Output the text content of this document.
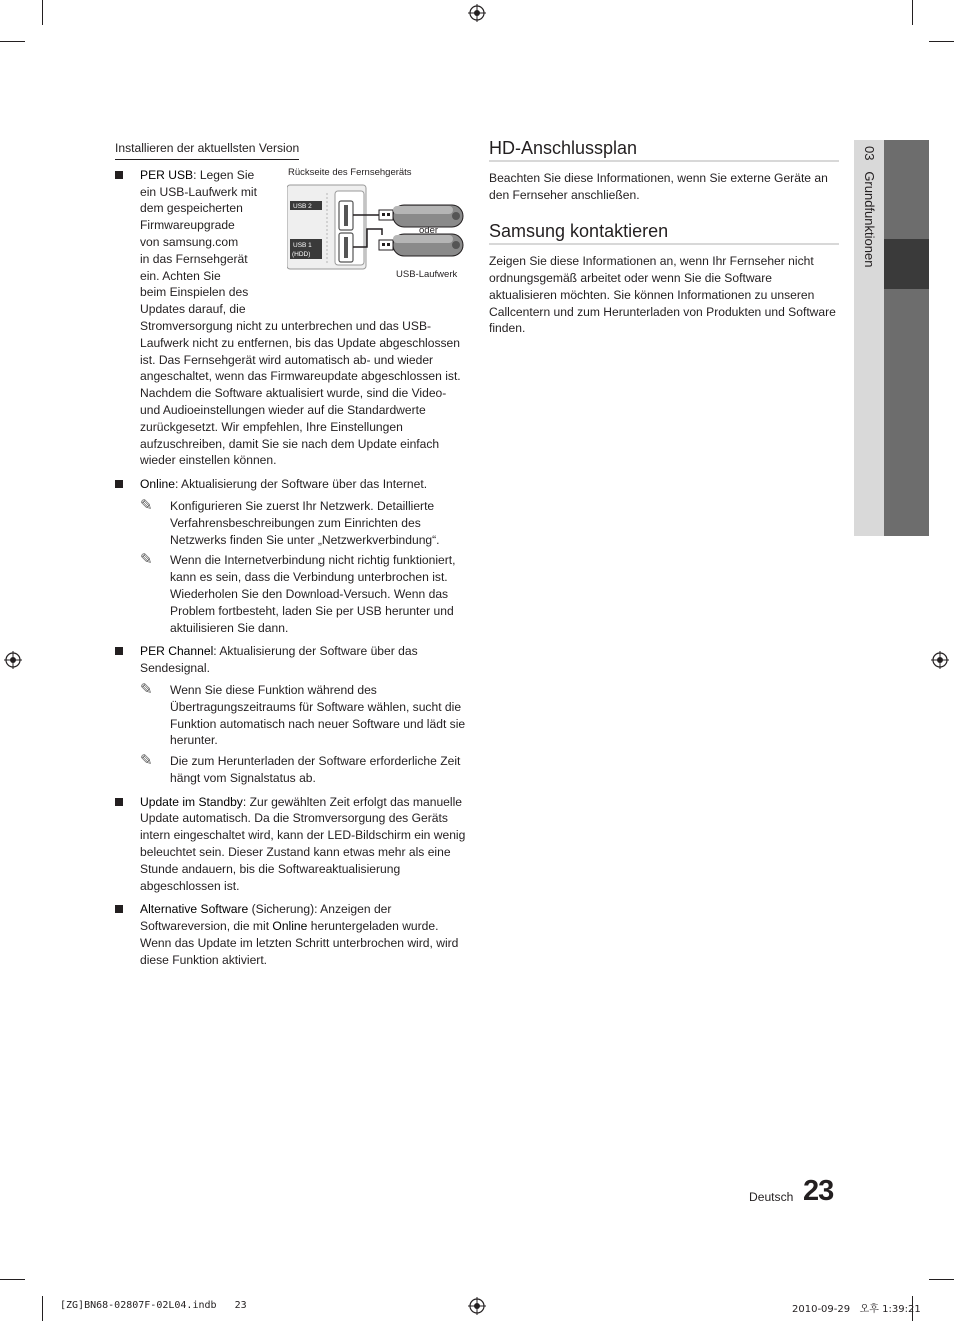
03   Grundfunktionen
Installieren der aktuellsten Version
PER USB: Legen Sie
ein USB-Laufwerk mit
dem gespeicherten
Firmwareupgrade
von samsung.com
in das Fernsehgerät
ein. Achten Sie
beim Einspielen des
Updates darauf, die
Stromversorgung nicht zu unterbrechen und das USB-Laufwerk nicht zu entfernen, bis das Update abgeschlossen ist. Das Fernsehgerät wird automatisch ab- und wieder angeschaltet, wenn das Firmwareupdate abgeschlossen ist. Nachdem die Software aktualisiert wurde, sind die Video- und Audioeinstellungen wieder auf die Standardwerte zurückgesetzt. Wir empfehlen, Ihre Einstellungen aufzuschreiben, damit Sie sie nach dem Update einfach wieder einstellen können.
Rückseite des Fernsehgeräts
USB 2
USB 1
(HDD)
oder
USB-Laufwerk
Online: Aktualisierung der Software über das Internet.
✎ Konfigurieren Sie zuerst Ihr Netzwerk. Detaillierte Verfahrensbeschreibungen zum Einrichten des Netzwerks finden Sie unter „Netzwerkverbindung“.
✎ Wenn die Internetverbindung nicht richtig funktioniert, kann es sein, dass die Verbindung unterbrochen ist. Wiederholen Sie den Download-Versuch. Wenn das Problem fortbesteht, laden Sie per USB herunter und aktuilisieren Sie dann.
PER Channel: Aktualisierung der Software über das Sendesignal.
✎ Wenn Sie diese Funktion während des Übertragungszeitraums für Software wählen, sucht die Funktion automatisch nach neuer Software und lädt sie herunter.
✎ Die zum Herunterladen der Software erforderliche Zeit hängt vom Signalstatus ab.
Update im Standby: Zur gewählten Zeit erfolgt das manuelle Update automatisch. Da die Stromversorgung des Geräts intern eingeschaltet wird, kann der LED-Bildschirm ein wenig beleuchtet sein. Dieser Zustand kann etwas mehr als eine Stunde andauern, bis die Softwareaktualisierung abgeschlossen ist.
Alternative Software (Sicherung): Anzeigen der Softwareversion, die mit Online heruntergeladen wurde. Wenn das Update im letzten Schritt unterbrochen wird, wird diese Funktion aktiviert.
HD-Anschlussplan
Beachten Sie diese Informationen, wenn Sie externe Geräte an den Fernseher anschließen.
Samsung kontaktieren
Zeigen Sie diese Informationen an, wenn Ihr Fernseher nicht ordnungsgemäß arbeitet oder wenn Sie die Software aktualisieren möchten. Sie können Informationen zu unseren Callcentern und zum Herunterladen von Produkten und Software finden.
Deutsch 23
[ZG]BN68-02807F-02L04.indb   23	2010-09-29   오후 1:39:21
